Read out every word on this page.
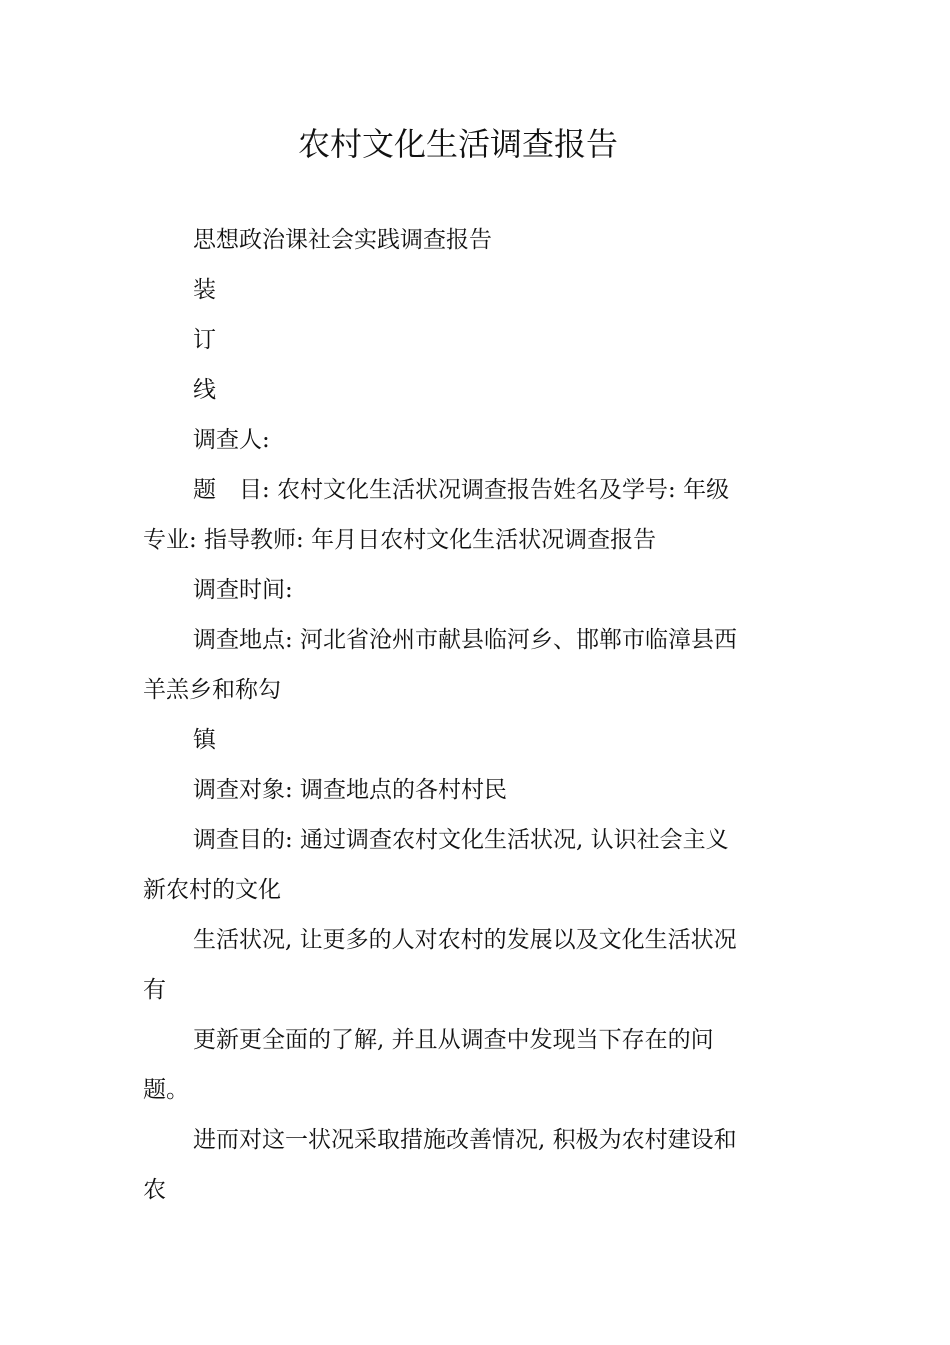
农村文化生活调查报告

思想政治课社会实践调查报告

装

订

线

调查人:

题　目: 农村文化生活状况调查报告姓名及学号: 年级专业: 指导教师: 年月日农村文化生活状况调查报告

调查时间:

调查地点: 河北省沧州市献县临河乡、邯郸市临漳县西羊羔乡和称勾

镇

调查对象: 调查地点的各村村民

调查目的: 通过调查农村文化生活状况, 认识社会主义新农村的文化

生活状况, 让更多的人对农村的发展以及文化生活状况有

更新更全面的了解, 并且从调查中发现当下存在的问题。

进而对这一状况采取措施改善情况, 积极为农村建设和农
